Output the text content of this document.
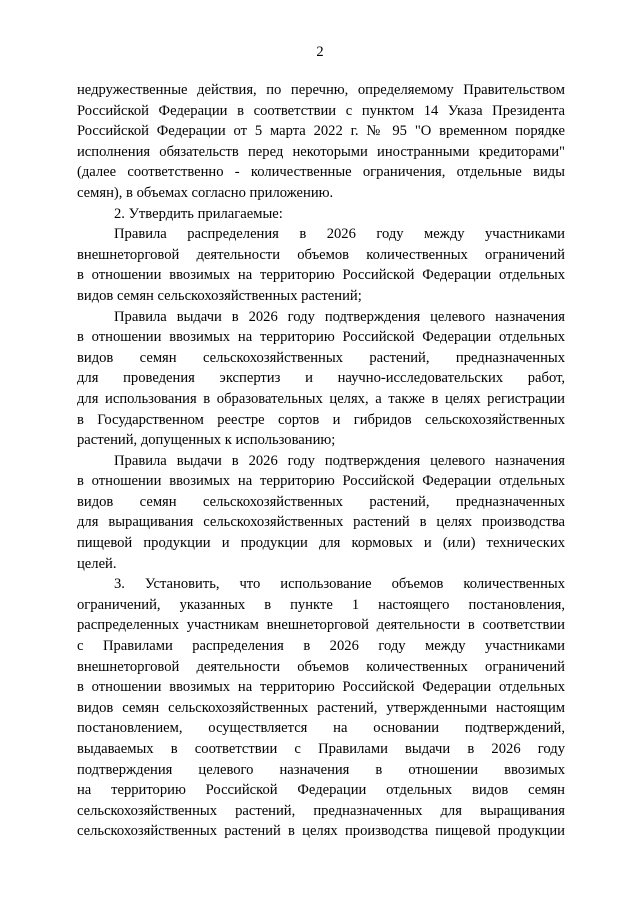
2
недружественные действия, по перечню, определяемому Правительством
Российской Федерации в соответствии с пунктом 14 Указа Президента
Российской Федерации от 5 марта 2022 г. № 95 "О временном порядке
исполнения обязательств перед некоторыми иностранными кредиторами"
(далее соответственно - количественные ограничения, отдельные виды
семян), в объемах согласно приложению.
2. Утвердить прилагаемые:
Правила распределения в 2026 году между участниками
внешнеторговой деятельности объемов количественных ограничений
в отношении ввозимых на территорию Российской Федерации отдельных
видов семян сельскохозяйственных растений;
Правила выдачи в 2026 году подтверждения целевого назначения
в отношении ввозимых на территорию Российской Федерации отдельных
видов семян сельскохозяйственных растений, предназначенных
для проведения экспертиз и научно-исследовательских работ,
для использования в образовательных целях, а также в целях регистрации
в Государственном реестре сортов и гибридов сельскохозяйственных
растений, допущенных к использованию;
Правила выдачи в 2026 году подтверждения целевого назначения
в отношении ввозимых на территорию Российской Федерации отдельных
видов семян сельскохозяйственных растений, предназначенных
для выращивания сельскохозяйственных растений в целях производства
пищевой продукции и продукции для кормовых и (или) технических
целей.
3. Установить, что использование объемов количественных
ограничений, указанных в пункте 1 настоящего постановления,
распределенных участникам внешнеторговой деятельности в соответствии
с Правилами распределения в 2026 году между участниками
внешнеторговой деятельности объемов количественных ограничений
в отношении ввозимых на территорию Российской Федерации отдельных
видов семян сельскохозяйственных растений, утвержденными настоящим
постановлением, осуществляется на основании подтверждений,
выдаваемых в соответствии с Правилами выдачи в 2026 году
подтверждения целевого назначения в отношении ввозимых
на территорию Российской Федерации отдельных видов семян
сельскохозяйственных растений, предназначенных для выращивания
сельскохозяйственных растений в целях производства пищевой продукции
